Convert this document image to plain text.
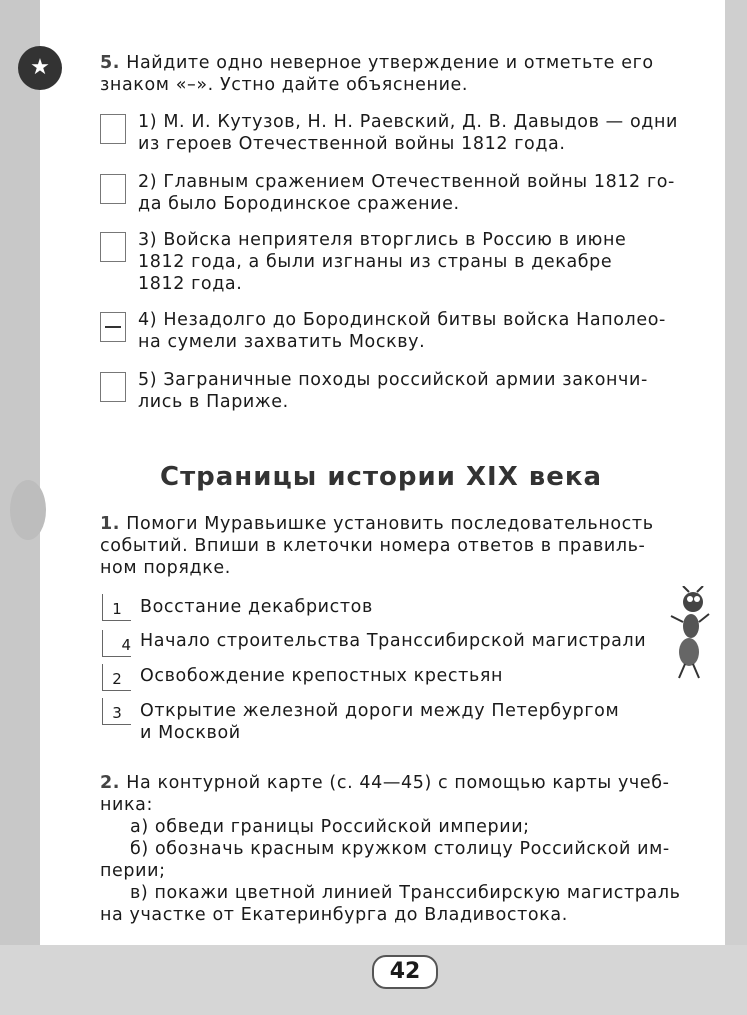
★	5. Найдите одно неверное утверждение и отметьте его
знаком «–». Устно дайте объяснение.
1) М. И. Кутузов, Н. Н. Раевский, Д. В. Давыдов — одни
из героев Отечественной войны 1812 года.
2) Главным сражением Отечественной войны 1812 го-
да было Бородинское сражение.
3) Войска неприятеля вторглись в Россию в июне
1812 года, а были изгнаны из страны в декабре
1812 года.
4) Незадолго до Бородинской битвы войска Наполео-
на сумели захватить Москву.
5) Заграничные походы российской армии закончи-
лись в Париже.
Страницы истории XIX века
1. Помоги Муравьишке установить последовательность
событий. Впиши в клеточки номера ответов в правиль-
ном порядке.
1	Восстание декабристов
4 Начало строительства Транссибирской магистрали
2	Освобождение крепостных крестьян
3	Открытие железной дороги между Петербургом
и Москвой
2. На контурной карте (с. 44—45) с помощью карты учеб-
ника:
а) обведи границы Российской империи;
б) обозначь красным кружком столицу Российской им-
перии;
в) покажи цветной линией Транссибирскую магистраль
на участке от Екатеринбурга до Владивостока.
42
